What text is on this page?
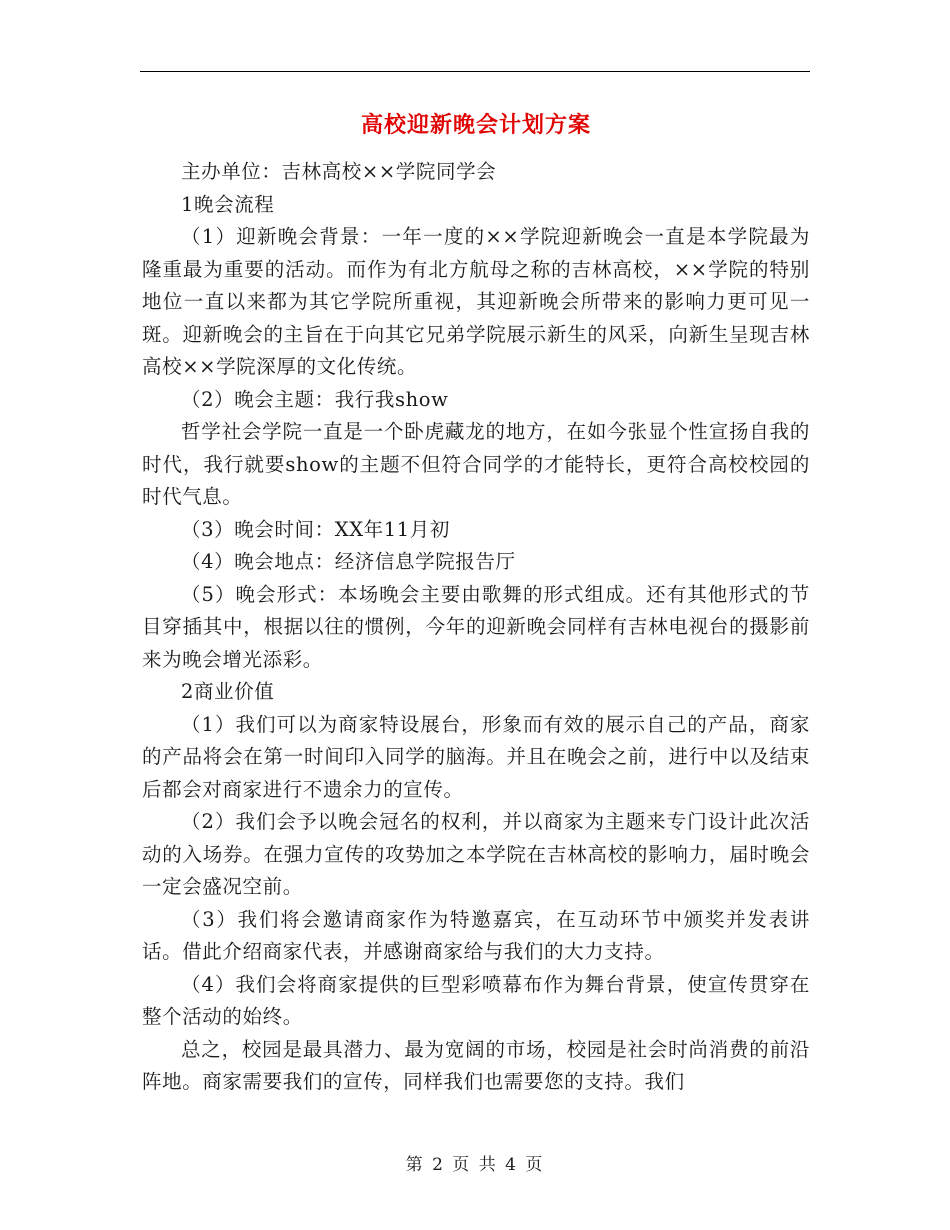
高校迎新晚会计划方案

主办单位：吉林高校××学院同学会

1晚会流程

（1）迎新晚会背景：一年一度的××学院迎新晚会一直是本学院最为隆重最为重要的活动。而作为有北方航母之称的吉林高校，××学院的特别地位一直以来都为其它学院所重视，其迎新晚会所带来的影响力更可见一斑。迎新晚会的主旨在于向其它兄弟学院展示新生的风采，向新生呈现吉林高校××学院深厚的文化传统。

（2）晚会主题：我行我show

哲学社会学院一直是一个卧虎藏龙的地方，在如今张显个性宣扬自我的时代，我行就要show的主题不但符合同学的才能特长，更符合高校校园的时代气息。

（3）晚会时间：XX年11月初

（4）晚会地点：经济信息学院报告厅

（5）晚会形式：本场晚会主要由歌舞的形式组成。还有其他形式的节目穿插其中，根据以往的惯例，今年的迎新晚会同样有吉林电视台的摄影前来为晚会增光添彩。

2商业价值

（1）我们可以为商家特设展台，形象而有效的展示自己的产品，商家的产品将会在第一时间印入同学的脑海。并且在晚会之前，进行中以及结束后都会对商家进行不遗余力的宣传。

（2）我们会予以晚会冠名的权利，并以商家为主题来专门设计此次活动的入场券。在强力宣传的攻势加之本学院在吉林高校的影响力，届时晚会一定会盛况空前。

（3）我们将会邀请商家作为特邀嘉宾，在互动环节中颁奖并发表讲话。借此介绍商家代表，并感谢商家给与我们的大力支持。

（4）我们会将商家提供的巨型彩喷幕布作为舞台背景，使宣传贯穿在整个活动的始终。

总之，校园是最具潜力、最为宽阔的市场，校园是社会时尚消费的前沿阵地。商家需要我们的宣传，同样我们也需要您的支持。我们

第 2 页 共 4 页
